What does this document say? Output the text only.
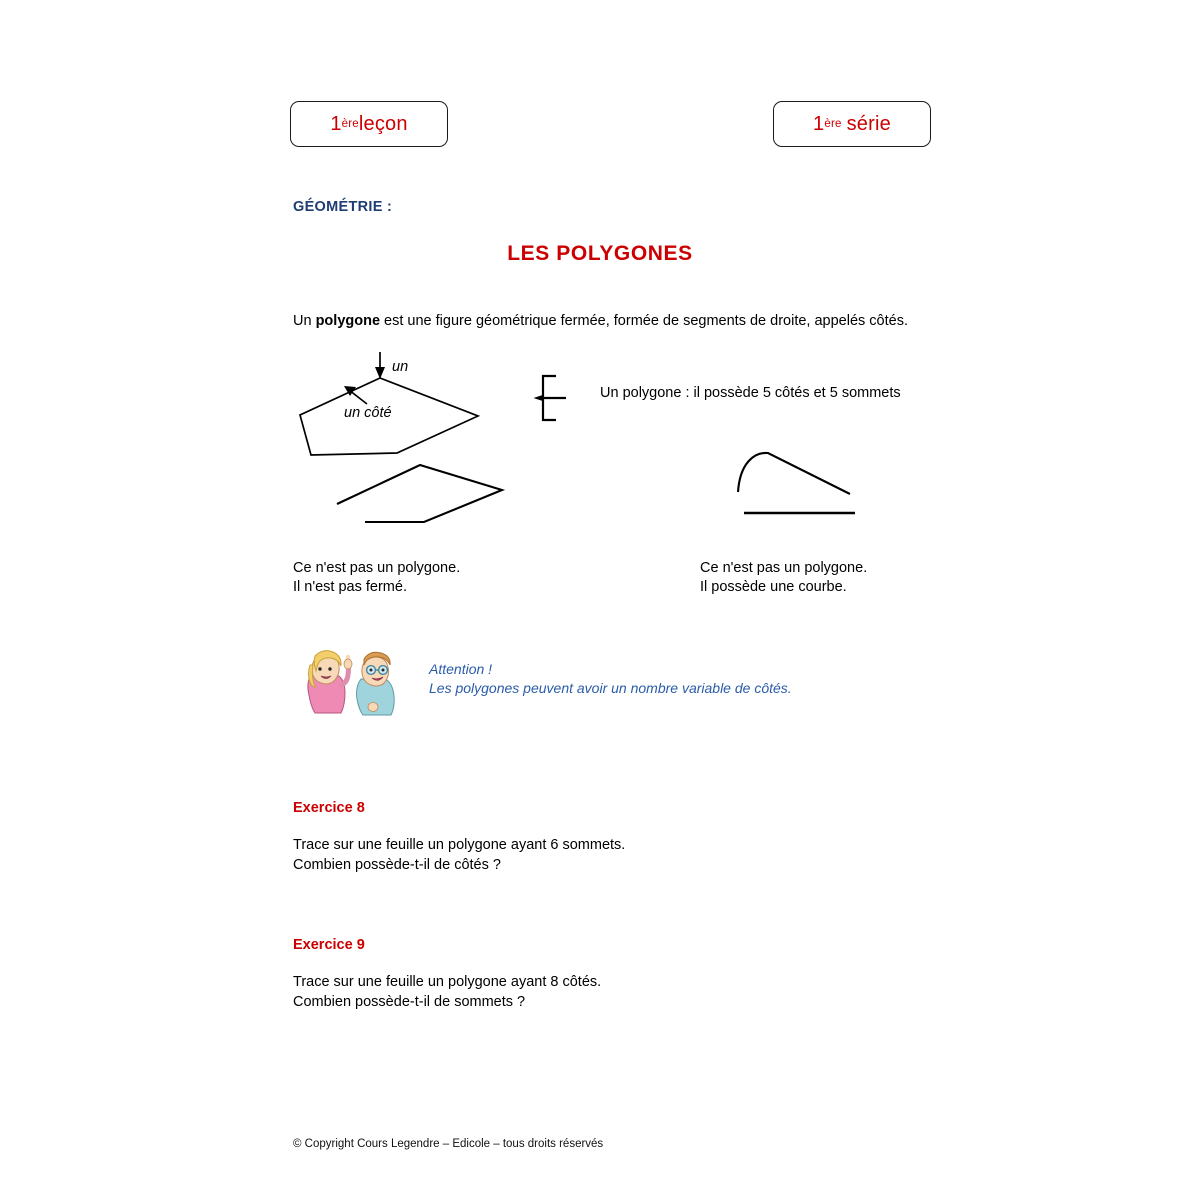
1 ère leçon	1 ère série
GÉOMÉTRIE :
LES POLYGONES
Un polygone est une figure géométrique fermée, formée de segments de droite, appelés côtés.
un
un côté
Un polygone : il possède 5 côtés et 5 sommets
Ce n'est pas un polygone.
Il n'est pas fermé.
Ce n'est pas un polygone.
Il possède une courbe.
Attention !
Les polygones peuvent avoir un nombre variable de côtés.
Exercice 8
Trace sur une feuille un polygone ayant 6 sommets.
Combien possède-t-il de côtés ?
Exercice 9
Trace sur une feuille un polygone ayant 8 côtés.
Combien possède-t-il de sommets ?
© Copyright Cours Legendre – Edicole – tous droits réservés
